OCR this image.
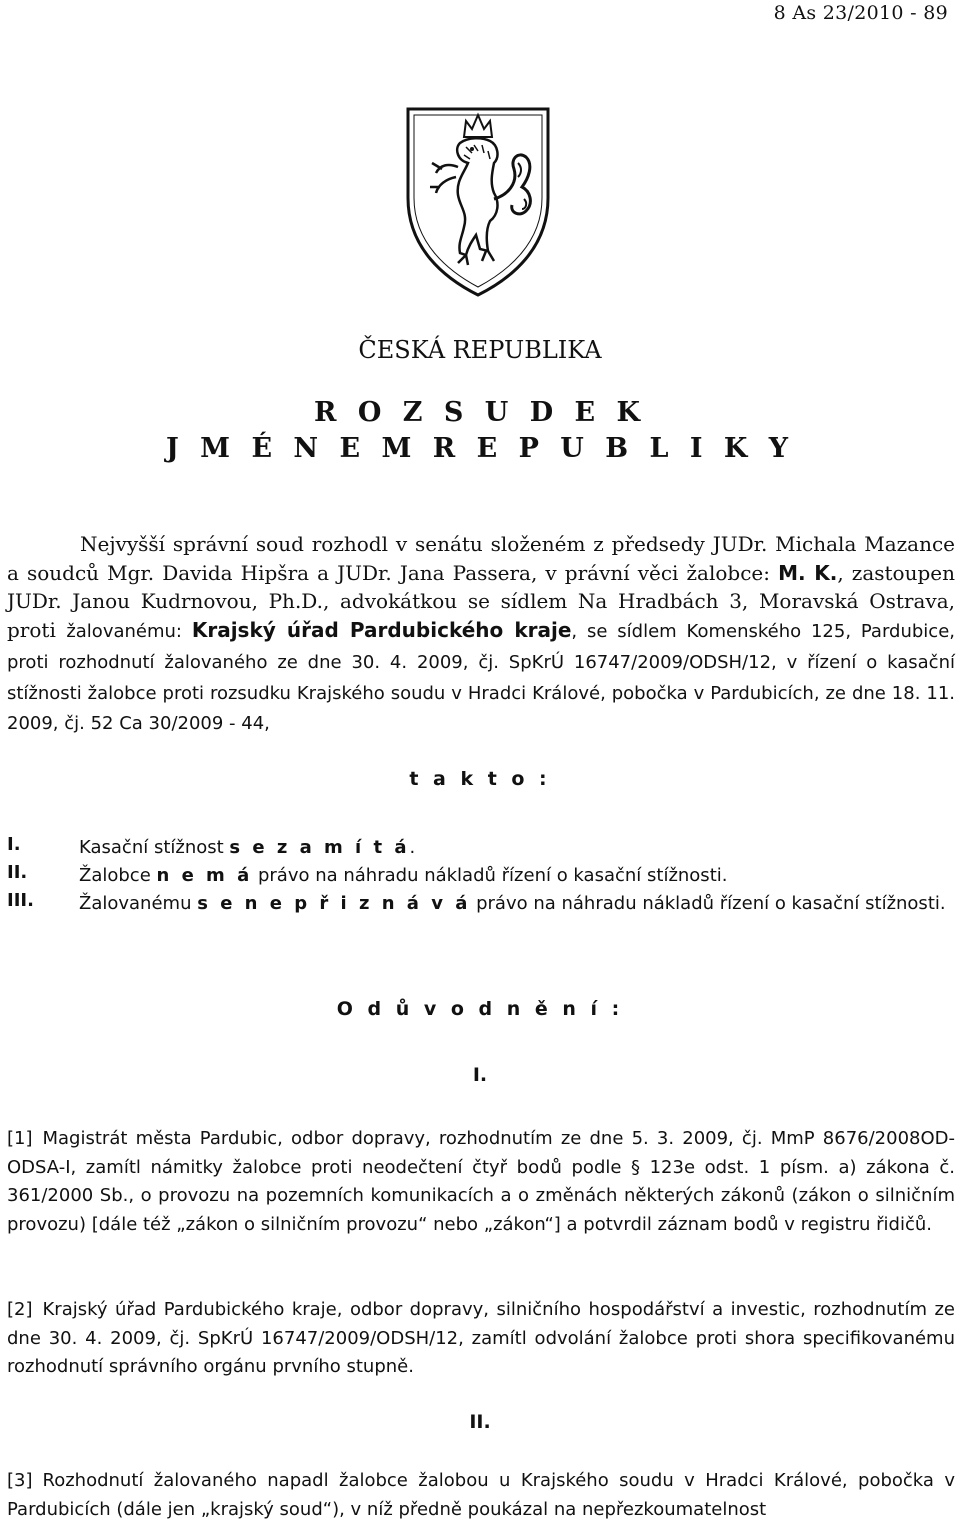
8 As 23/2010 - 89
ČESKÁ REPUBLIKA
R O Z S U D E K
J M É N E M R E P U B L I K Y

Nejvyšší správní soud rozhodl v senátu složeném z předsedy JUDr. Michala Mazance a soudců Mgr. Davida Hipšra a JUDr. Jana Passera, v právní věci žalobce: M. K., zastoupen JUDr. Janou Kudrnovou, Ph.D., advokátkou se sídlem Na Hradbách 3, Moravská Ostrava, proti žalovanému: Krajský úřad Pardubického kraje, se sídlem Komenského 125, Pardubice, proti rozhodnutí žalovaného ze dne 30. 4. 2009, čj. SpKrÚ 16747/2009/ODSH/12, v řízení o kasační stížnosti žalobce proti rozsudku Krajského soudu v Hradci Králové, pobočka v Pardubicích, ze dne 18. 11. 2009, čj. 52 Ca 30/2009 - 44,

t a k t o :
I.	Kasační stížnost s e z a m í t á.
II.	Žalobce n e m á právo na náhradu nákladů řízení o kasační stížnosti.
III.	Žalovanému s e n e p ř i z n á v á právo na náhradu nákladů řízení o kasační stížnosti.
O d ů v o d n ě n í :
I.

[1] Magistrát města Pardubic, odbor dopravy, rozhodnutím ze dne 5. 3. 2009, čj. MmP 8676/2008OD-ODSA-I, zamítl námitky žalobce proti neodečtení čtyř bodů podle § 123e odst. 1 písm. a) zákona č. 361/2000 Sb., o provozu na pozemních komunikacích a o změnách některých zákonů (zákon o silničním provozu) [dále též „zákon o silničním provozu“ nebo „zákon“] a potvrdil záznam bodů v registru řidičů.

[2] Krajský úřad Pardubického kraje, odbor dopravy, silničního hospodářství a investic, rozhodnutím ze dne 30. 4. 2009, čj. SpKrÚ 16747/2009/ODSH/12, zamítl odvolání žalobce proti shora specifikovanému rozhodnutí správního orgánu prvního stupně.

II.

[3] Rozhodnutí žalovaného napadl žalobce žalobou u Krajského soudu v Hradci Králové, pobočka v Pardubicích (dále jen „krajský soud“), v níž předně poukázal na nepřezkoumatelnost
